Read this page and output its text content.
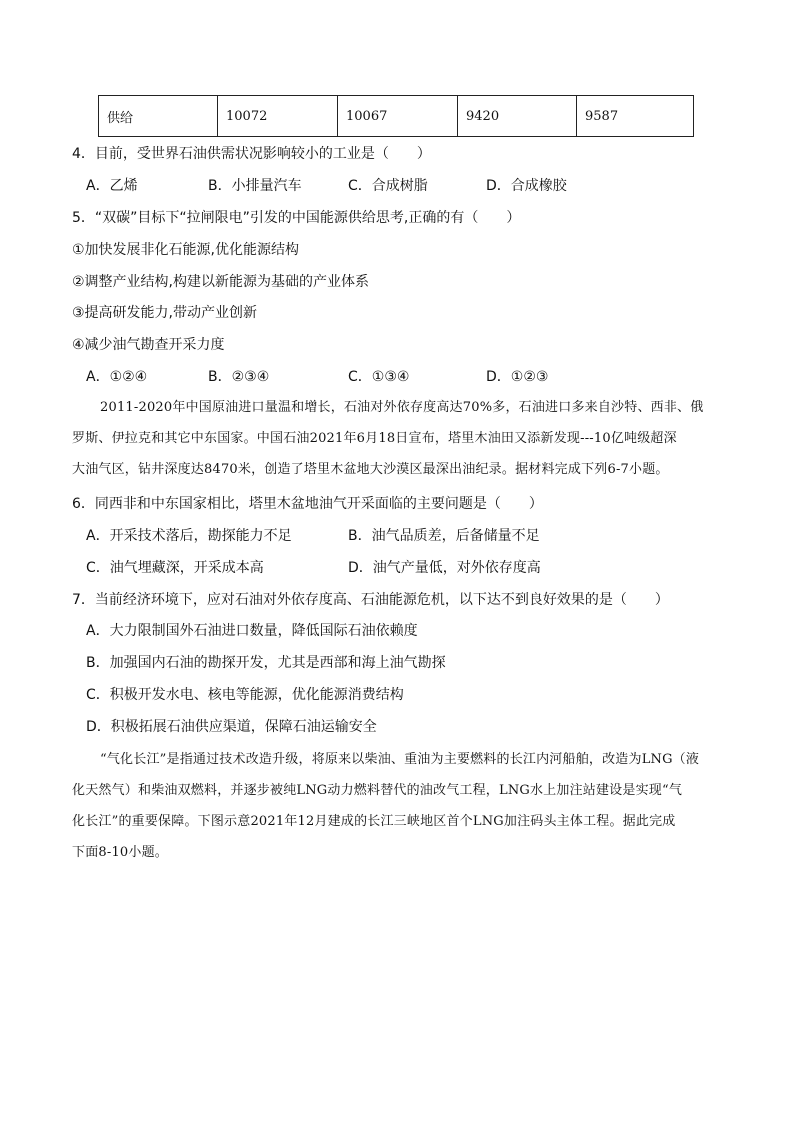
供给	10072	10067	9420	9587
4．目前，受世界石油供需状况影响较小的工业是（　　）
A．乙烯	B．小排量汽车	C．合成树脂	D．合成橡胶
5．“双碳”目标下“拉闸限电”引发的中国能源供给思考,正确的有（　　）
①加快发展非化石能源,优化能源结构
②调整产业结构,构建以新能源为基础的产业体系
③提高研发能力,带动产业创新
④减少油气勘查开采力度
A．①②④	B．②③④	C．①③④	D．①②③
2011-2020年中国原油进口量温和增长，石油对外依存度高达70%多，石油进口多来自沙特、西非、俄
罗斯、伊拉克和其它中东国家。中国石油2021年6月18日宣布，塔里木油田又添新发现---10亿吨级超深
大油气区，钻井深度达8470米，创造了塔里木盆地大沙漠区最深出油纪录。据材料完成下列6-7小题。
6．同西非和中东国家相比，塔里木盆地油气开采面临的主要问题是（　　）
A．开采技术落后，勘探能力不足	B．油气品质差，后备储量不足
C．油气埋藏深，开采成本高	D．油气产量低，对外依存度高
7．当前经济环境下，应对石油对外依存度高、石油能源危机，以下达不到良好效果的是（　　）
A．大力限制国外石油进口数量，降低国际石油依赖度
B．加强国内石油的勘探开发，尤其是西部和海上油气勘探
C．积极开发水电、核电等能源，优化能源消费结构
D．积极拓展石油供应渠道，保障石油运输安全
“气化长江”是指通过技术改造升级，将原来以柴油、重油为主要燃料的长江内河船舶，改造为LNG（液
化天然气）和柴油双燃料，并逐步被纯LNG动力燃料替代的油改气工程，LNG水上加注站建设是实现“气
化长江”的重要保障。下图示意2021年12月建成的长江三峡地区首个LNG加注码头主体工程。据此完成
下面8-10小题。
